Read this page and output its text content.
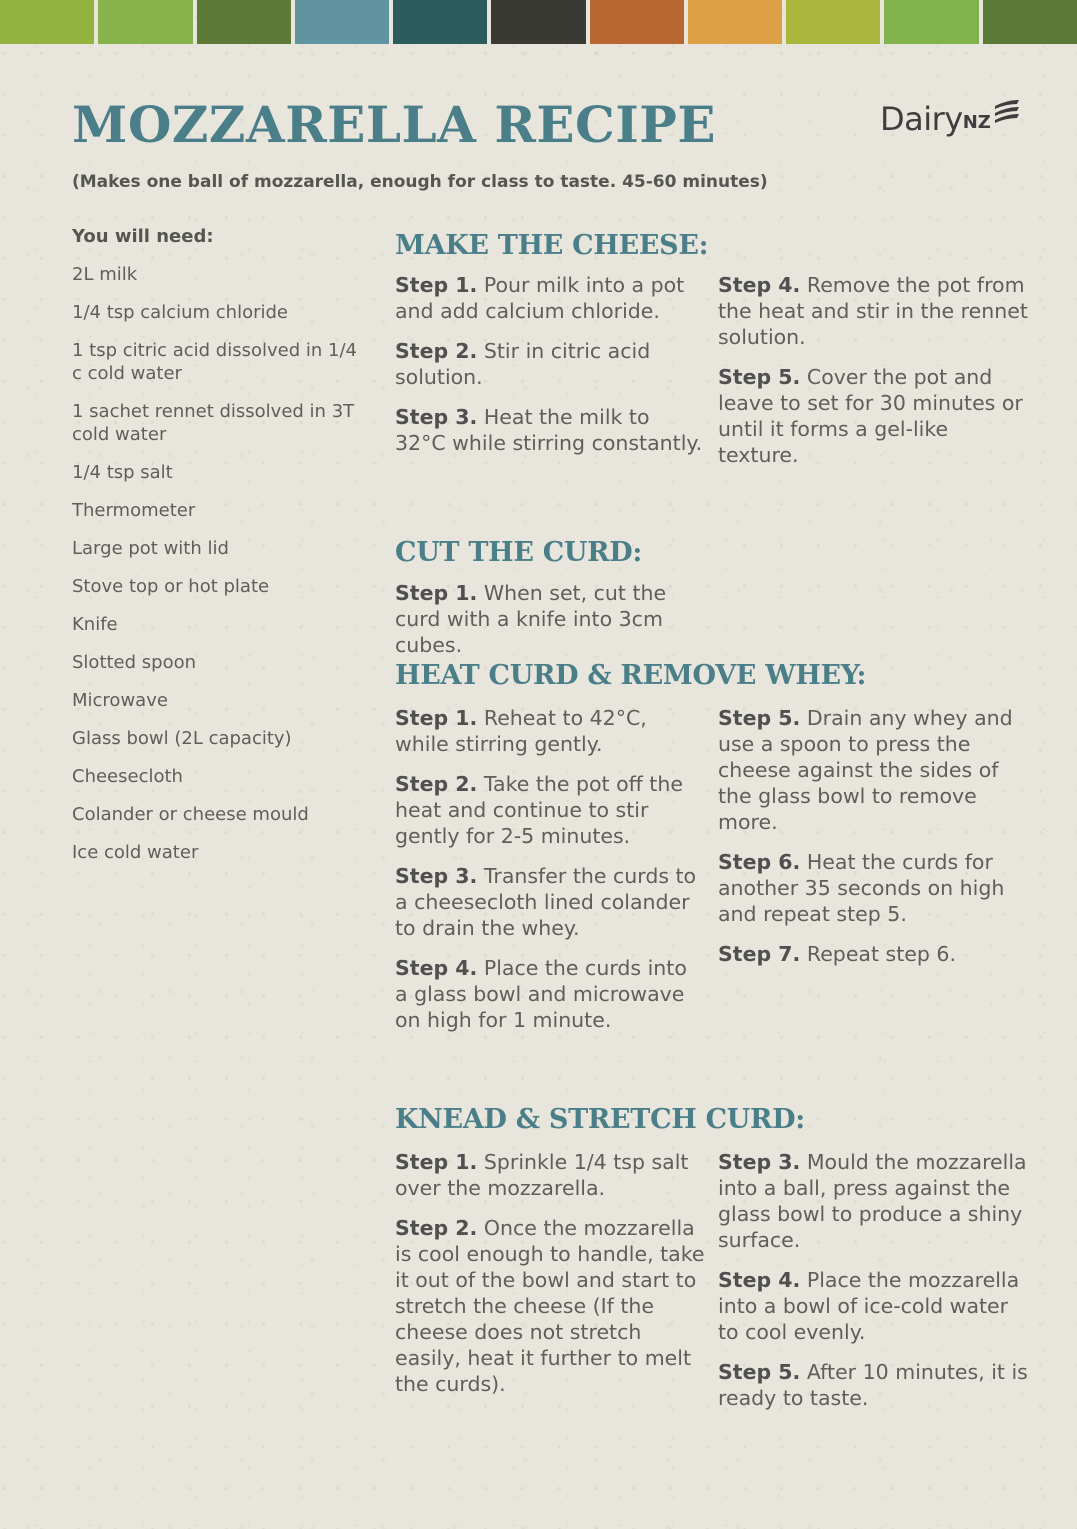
MOZZARELLA RECIPE

(Makes one ball of mozzarella, enough for class to taste. 45-60 minutes)

Dairy NZ

You will need:

2L milk
1/4 tsp calcium chloride
1 tsp citric acid dissolved in 1/4 c cold water
1 sachet rennet dissolved in 3T cold water
1/4 tsp salt
Thermometer
Large pot with lid
Stove top or hot plate
Knife
Slotted spoon
Microwave
Glass bowl (2L capacity)
Cheesecloth
Colander or cheese mould
Ice cold water
MAKE THE CHEESE:

Step 1. Pour milk into a pot and add calcium chloride.

Step 2. Stir in citric acid solution.

Step 3. Heat the milk to 32°C while stirring constantly.

Step 4. Remove the pot from the heat and stir in the rennet solution.

Step 5. Cover the pot and leave to set for 30 minutes or until it forms a gel-like texture.

CUT THE CURD:

Step 1. When set, cut the curd with a knife into 3cm cubes.

HEAT CURD & REMOVE WHEY:

Step 1. Reheat to 42°C, while stirring gently.

Step 2. Take the pot off the heat and continue to stir gently for 2-5 minutes.

Step 3. Transfer the curds to a cheesecloth lined colander to drain the whey.

Step 4. Place the curds into a glass bowl and microwave on high for 1 minute.

Step 5. Drain any whey and use a spoon to press the cheese against the sides of the glass bowl to remove more.

Step 6. Heat the curds for another 35 seconds on high and repeat step 5.

Step 7. Repeat step 6.

KNEAD & STRETCH CURD:

Step 1. Sprinkle 1/4 tsp salt over the mozzarella.

Step 2. Once the mozzarella is cool enough to handle, take it out of the bowl and start to stretch the cheese (If the cheese does not stretch easily, heat it further to melt the curds).

Step 3. Mould the mozzarella into a ball, press against the glass bowl to produce a shiny surface.

Step 4. Place the mozzarella into a bowl of ice-cold water to cool evenly.

Step 5. After 10 minutes, it is ready to taste.
